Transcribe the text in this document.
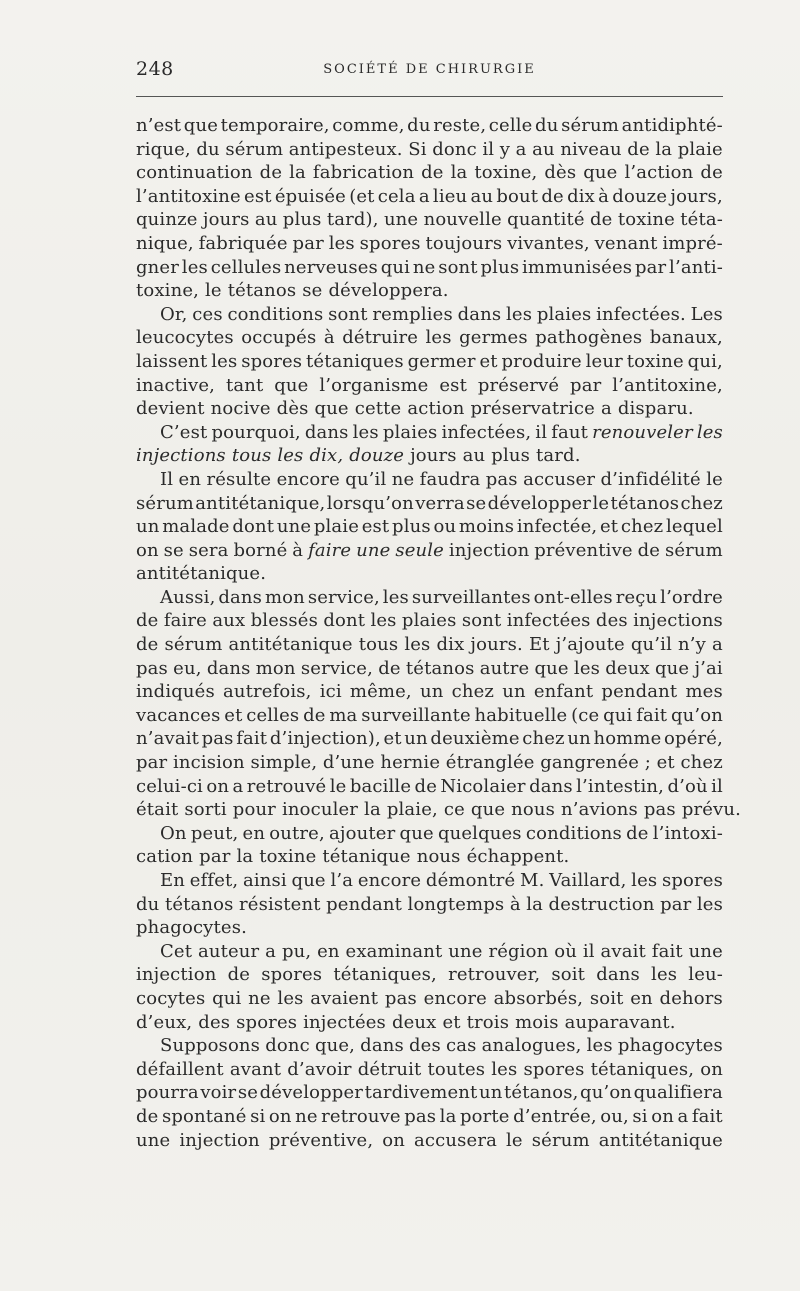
248	SOCIÉTÉ DE CHIRURGIE
n’est que temporaire, comme, du reste, celle du sérum antidiphté-
rique, du sérum antipesteux. Si donc il y a au niveau de la plaie
continuation de la fabrication de la toxine, dès que l’action de
l’antitoxine est épuisée (et cela a lieu au bout de dix à douze jours,
quinze jours au plus tard), une nouvelle quantité de toxine téta-
nique, fabriquée par les spores toujours vivantes, venant impré-
gner les cellules nerveuses qui ne sont plus immunisées par l’anti-
toxine, le tétanos se développera.
Or, ces conditions sont remplies dans les plaies infectées. Les
leucocytes occupés à détruire les germes pathogènes banaux,
laissent les spores tétaniques germer et produire leur toxine qui,
inactive, tant que l’organisme est préservé par l’antitoxine,
devient nocive dès que cette action préservatrice a disparu.
C’est pourquoi, dans les plaies infectées, il faut renouveler les
injections tous les dix, douze jours au plus tard.
Il en résulte encore qu’il ne faudra pas accuser d’infidélité le
sérum antitétanique, lorsqu’on verra se développer le tétanos chez
un malade dont une plaie est plus ou moins infectée, et chez lequel
on se sera borné à faire une seule injection préventive de sérum
antitétanique.
Aussi, dans mon service, les surveillantes ont-elles reçu l’ordre
de faire aux blessés dont les plaies sont infectées des injections
de sérum antitétanique tous les dix jours. Et j’ajoute qu’il n’y a
pas eu, dans mon service, de tétanos autre que les deux que j’ai
indiqués autrefois, ici même, un chez un enfant pendant mes
vacances et celles de ma surveillante habituelle (ce qui fait qu’on
n’avait pas fait d’injection), et un deuxième chez un homme opéré,
par incision simple, d’une hernie étranglée gangrenée ; et chez
celui-ci on a retrouvé le bacille de Nicolaier dans l’intestin, d’où il
était sorti pour inoculer la plaie, ce que nous n’avions pas prévu.
On peut, en outre, ajouter que quelques conditions de l’intoxi-
cation par la toxine tétanique nous échappent.
En effet, ainsi que l’a encore démontré M. Vaillard, les spores
du tétanos résistent pendant longtemps à la destruction par les
phagocytes.
Cet auteur a pu, en examinant une région où il avait fait une
injection de spores tétaniques, retrouver, soit dans les leu-
cocytes qui ne les avaient pas encore absorbés, soit en dehors
d’eux, des spores injectées deux et trois mois auparavant.
Supposons donc que, dans des cas analogues, les phagocytes
défaillent avant d’avoir détruit toutes les spores tétaniques, on
pourra voir se développer tardivement un tétanos, qu’on qualifiera
de spontané si on ne retrouve pas la porte d’entrée, ou, si on a fait
une injection préventive, on accusera le sérum antitétanique
